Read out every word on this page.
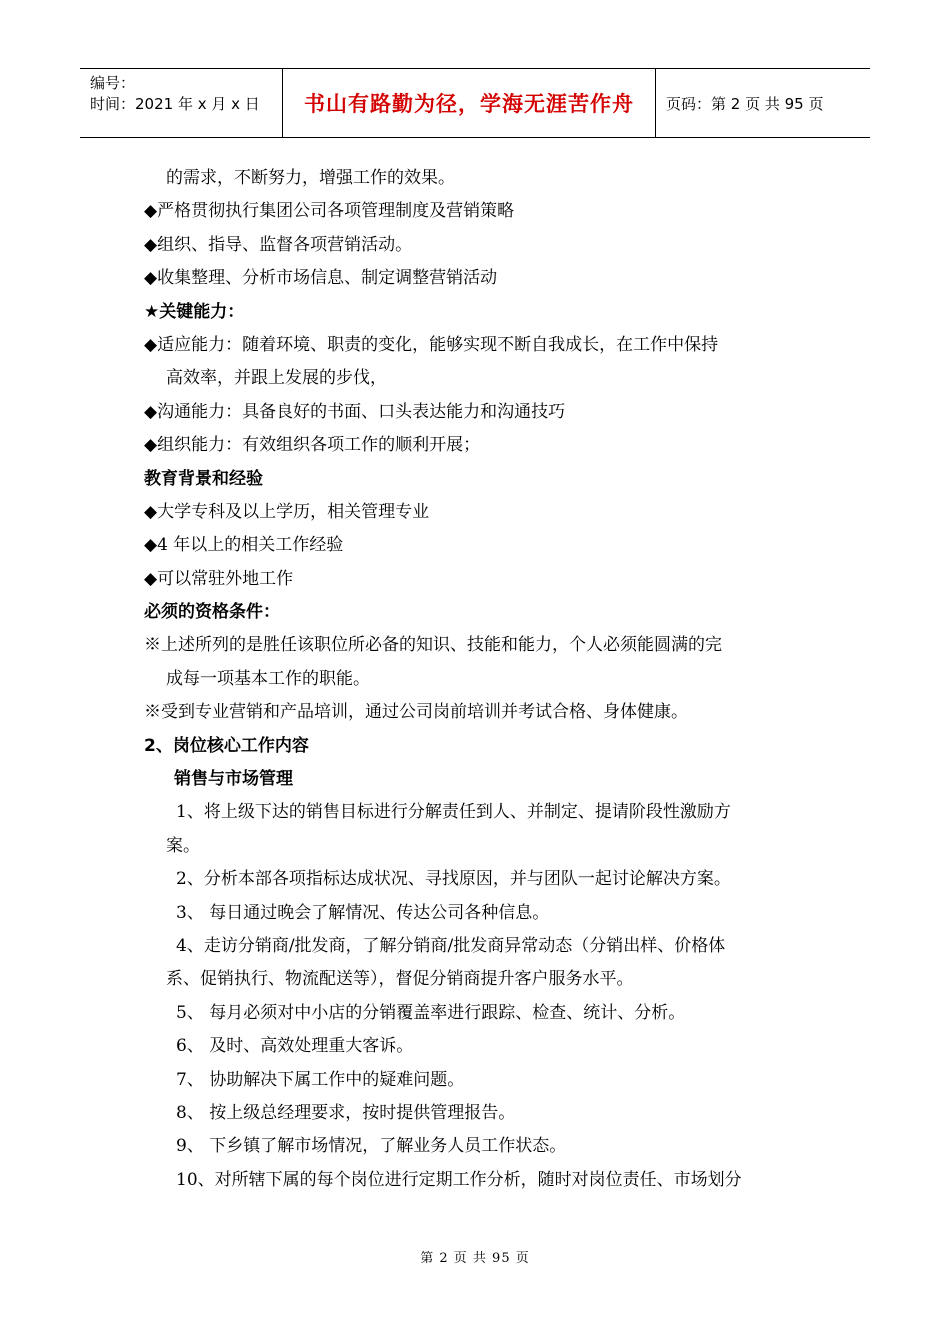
编号：
时间：2021 年 x 月 x 日	书山有路勤为径，学海无涯苦作舟	页码：第 2 页 共 95 页
的需求，不断努力，增强工作的效果。
◆严格贯彻执行集团公司各项管理制度及营销策略
◆组织、指导、监督各项营销活动。
◆收集整理、分析市场信息、制定调整营销活动
★关键能力：
◆适应能力：随着环境、职责的变化，能够实现不断自我成长，在工作中保持
高效率，并跟上发展的步伐，
◆沟通能力：具备良好的书面、口头表达能力和沟通技巧
◆组织能力：有效组织各项工作的顺利开展；
教育背景和经验
◆大学专科及以上学历，相关管理专业
◆4 年以上的相关工作经验
◆可以常驻外地工作
必须的资格条件：
※上述所列的是胜任该职位所必备的知识、技能和能力，个人必须能圆满的完
成每一项基本工作的职能。
※受到专业营销和产品培训，通过公司岗前培训并考试合格、身体健康。
2、岗位核心工作内容
销售与市场管理
1、将上级下达的销售目标进行分解责任到人、并制定、提请阶段性激励方
案。
2、分析本部各项指标达成状况、寻找原因，并与团队一起讨论解决方案。
3、 每日通过晚会了解情况、传达公司各种信息。
4、走访分销商/批发商，了解分销商/批发商异常动态（分销出样、价格体
系、促销执行、物流配送等），督促分销商提升客户服务水平。
5、 每月必须对中小店的分销覆盖率进行跟踪、检查、统计、分析。
6、 及时、高效处理重大客诉。
7、 协助解决下属工作中的疑难问题。
8、 按上级总经理要求，按时提供管理报告。
9、 下乡镇了解市场情况，了解业务人员工作状态。
10、对所辖下属的每个岗位进行定期工作分析，随时对岗位责任、市场划分
第 2 页 共 95 页
